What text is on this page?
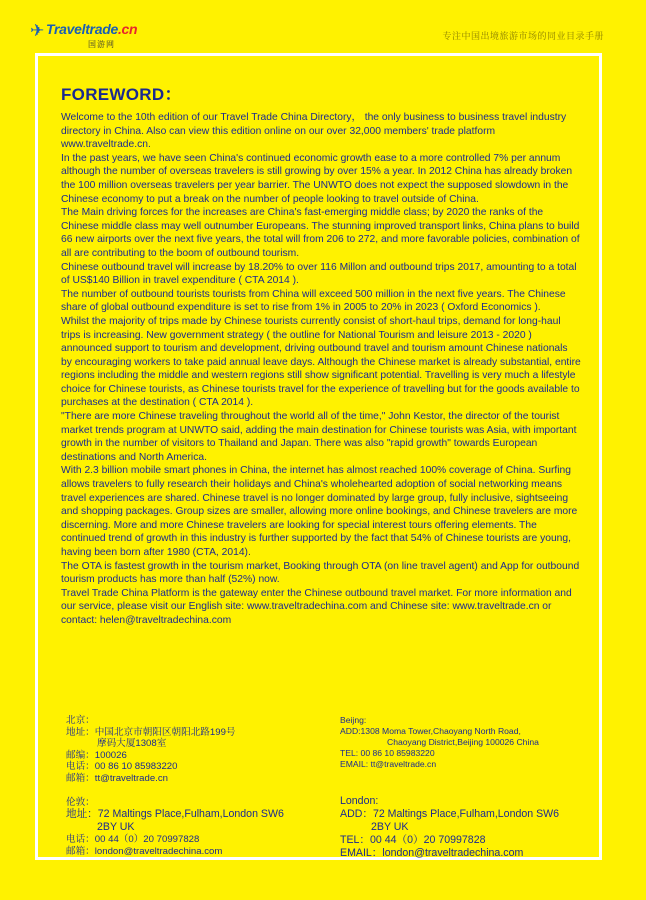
✈ Traveltrade.cn
国游网
专注中国出境旅游市场的同业目录手册
FOREWORD：

Welcome to the 10th edition of our Travel Trade China Directory， the only business to business travel industry directory in China. Also can view this edition online on our over 32,000 members' trade platform www.traveltrade.cn.

In the past years, we have seen China's continued economic growth ease to a more controlled 7% per annum although the number of overseas travelers is still growing by over 15% a year. In 2012 China has already broken the 100 million overseas travelers per year barrier. The UNWTO does not expect the supposed slowdown in the Chinese economy to put a break on the number of people looking to travel outside of China.

The Main driving forces for the increases are China's fast-emerging middle class; by 2020 the ranks of the Chinese middle class may well outnumber Europeans. The stunning improved transport links, China plans to build 66 new airports over the next five years, the total will from 206 to 272, and more favorable policies, combination of all are contributing to the boom of outbound tourism.

Chinese outbound travel will increase by 18.20% to over 116 Millon and outbound trips 2017, amounting to a total of US$140 Billion in travel expenditure ( CTA 2014 ).

The number of outbound tourists tourists from China will exceed 500 million in the next five years. The Chinese share of global outbound expenditure is set to rise from 1% in 2005 to 20% in 2023 ( Oxford Economics ).

Whilst the majority of trips made by Chinese tourists currently consist of short-haul trips, demand for long-haul trips is increasing. New government strategy ( the outline for National Tourism and leisure 2013 - 2020 ) announced support to tourism and development, driving outbound travel and tourism amount Chinese nationals by encouraging workers to take paid annual leave days. Although the Chinese market is already substantial, entire regions including the middle and western regions still show significant potential. Travelling is very much a lifestyle choice for Chinese tourists, as Chinese tourists travel for the experience of travelling but for the goods available to purchases at the destination ( CTA 2014 ).

"There are more Chinese traveling throughout the world all of the time," John Kestor, the director of the tourist market trends program at UNWTO said, adding the main destination for Chinese tourists was Asia, with important growth in the number of visitors to Thailand and Japan. There was also "rapid growth" towards European destinations and North America.

With 2.3 billion mobile smart phones in China, the internet has almost reached 100% coverage of China. Surfing allows travelers to fully research their holidays and China's wholehearted adoption of social networking means travel experiences are shared. Chinese travel is no longer dominated by large group, fully inclusive, sightseeing and shopping packages. Group sizes are smaller, allowing more online bookings, and Chinese travelers are more discerning. More and more Chinese travelers are looking for special interest tours offering elements. The continued trend of growth in this industry is further supported by the fact that 54% of Chinese tourists are young, having been born after 1980 (CTA, 2014).

The OTA is fastest growth in the tourism market, Booking through OTA (on line travel agent) and App for outbound tourism products has more than half (52%) now.

Travel Trade China Platform is the gateway enter the Chinese outbound travel market. For more information and our service, please visit our English site: www.traveltradechina.com and Chinese site: www.traveltrade.cn or contact: helen@traveltradechina.com

北京：
地址：中国北京市朝阳区朝阳北路199号
摩码大厦1308室
邮编：100026
电话：00 86 10 85983220
邮箱：tt@traveltrade.cn
伦敦：
地址：72 Maltings Place,Fulham,London SW6
2BY UK
电话：00 44（0）20 70997828
邮箱：london@traveltradechina.com
Beijng:
ADD:1308 Moma Tower,Chaoyang North Road,
Chaoyang District,Beijing 100026 China
TEL: 00 86 10 85983220
EMAIL: tt@traveltrade.cn
London:
ADD：72 Maltings Place,Fulham,London SW6
2BY UK
TEL：00 44（0）20 70997828
EMAIL：london@traveltradechina.com
